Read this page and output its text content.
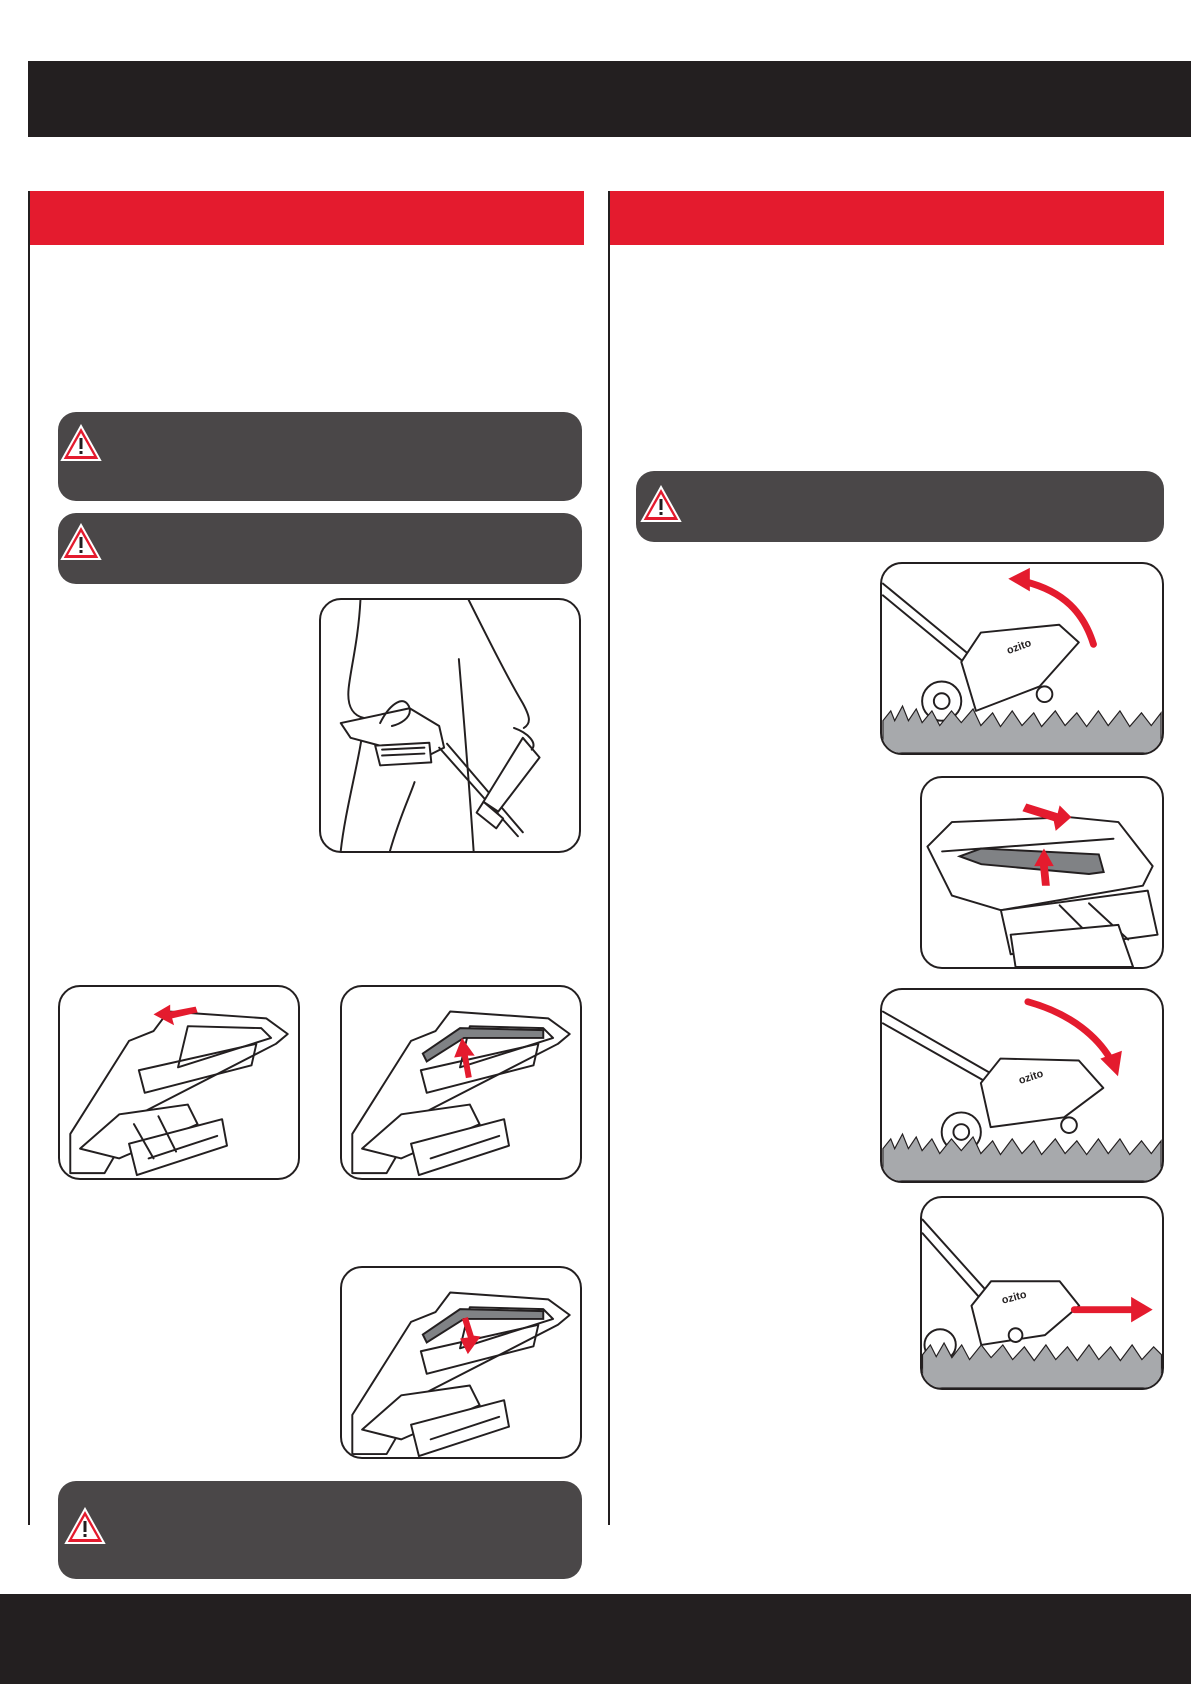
ozito
ozito
ozito
